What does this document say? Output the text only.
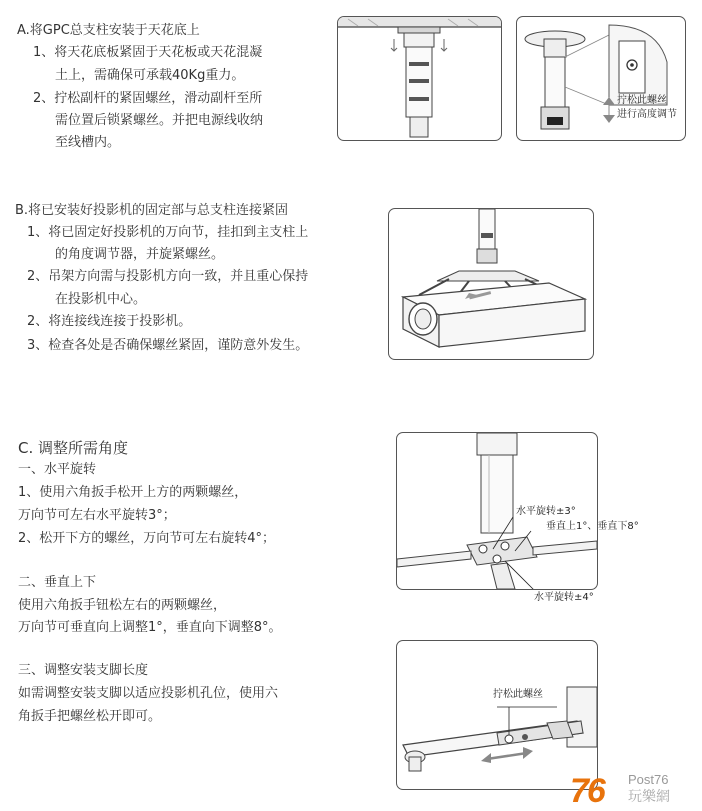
A.将GPC总支柱安装于天花底上
1、将天花底板紧固于天花板或天花混凝
土上，需确保可承载40Kg重力。
2、拧松副杆的紧固螺丝，滑动副杆至所
需位置后锁紧螺丝。并把电源线收纳
至线槽内。
拧松此螺丝
进行高度调节
B.将已安装好投影机的固定部与总支柱连接紧固
1、将已固定好投影机的万向节，挂扣到主支柱上
的角度调节器，并旋紧螺丝。
2、吊架方向需与投影机方向一致，并且重心保持
在投影机中心。
2、将连接线连接于投影机。
3、检查各处是否确保螺丝紧固，谨防意外发生。
C. 调整所需角度
一、水平旋转
1、使用六角扳手松开上方的两颗螺丝，
万向节可左右水平旋转3°；
2、松开下方的螺丝，万向节可左右旋转4°；
二、垂直上下
使用六角扳手钮松左右的两颗螺丝，
万向节可垂直向上调整1°，垂直向下调整8°。
三、调整安装支脚长度
如需调整安装支脚以适应投影机孔位，使用六
角扳手把螺丝松开即可。
水平旋转±3°
垂直上1°、垂直下8°
水平旋转±4°
拧松此螺丝
76 Post76
玩樂網
